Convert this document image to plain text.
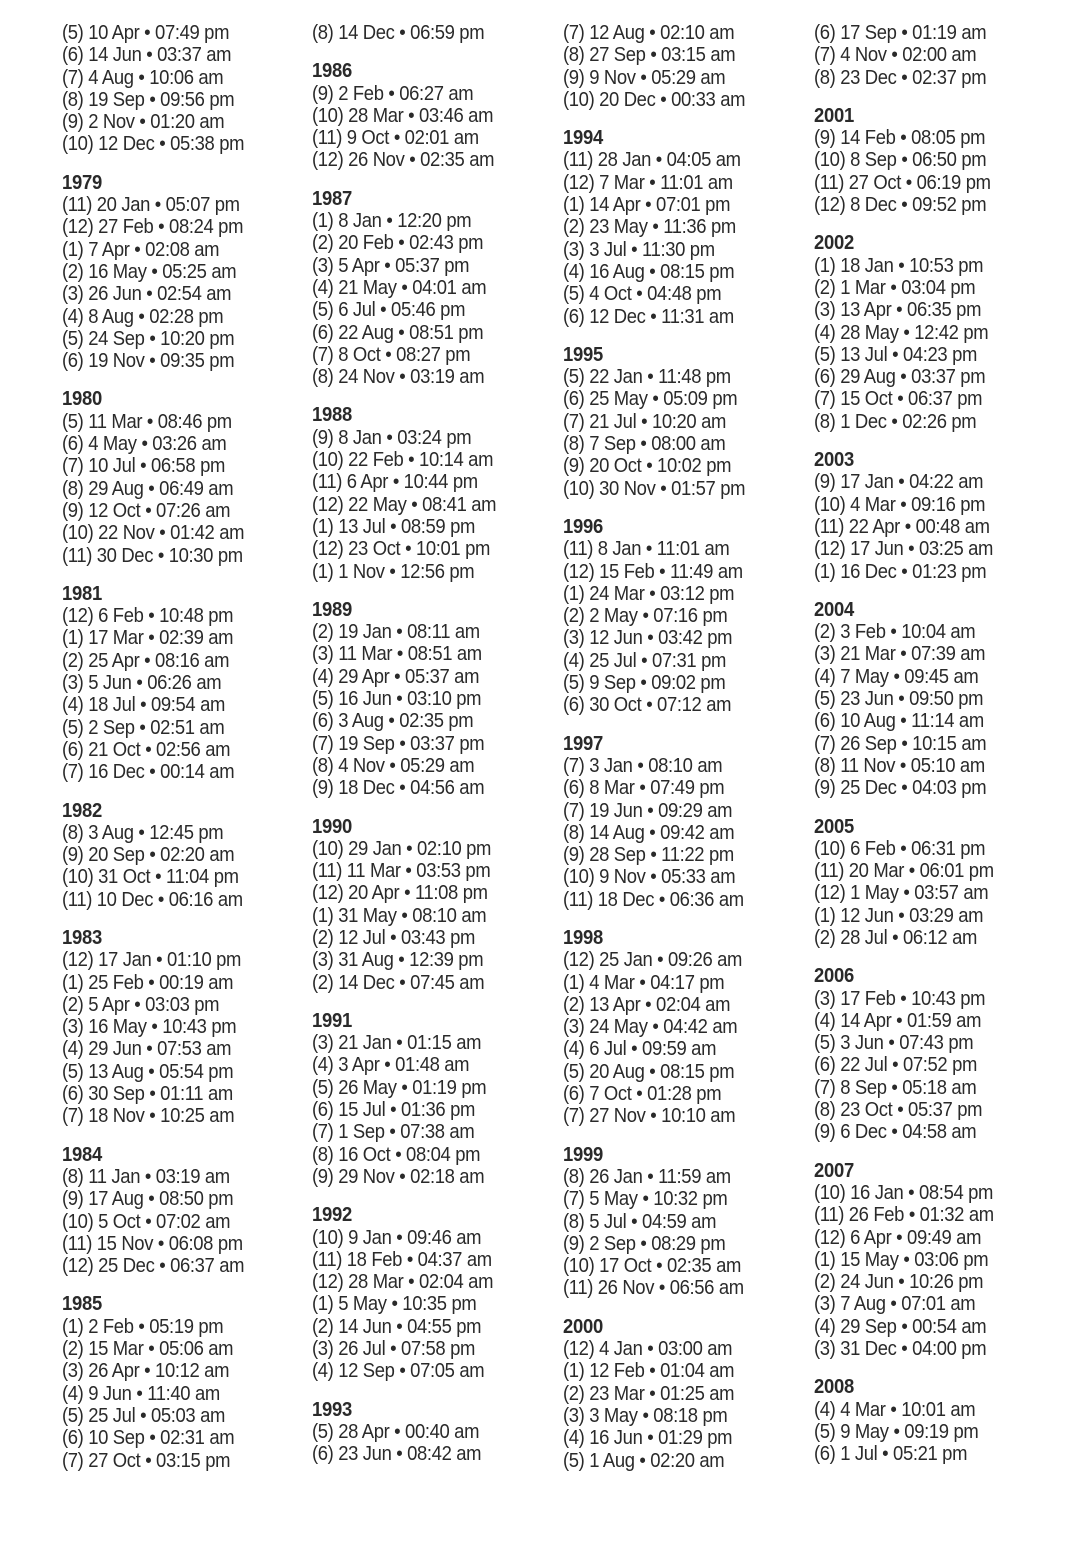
(5) 10 Apr • 07:49 pm
(6) 14 Jun • 03:37 am
(7) 4 Aug • 10:06 am
(8) 19 Sep • 09:56 pm
(9) 2 Nov • 01:20 am
(10) 12 Dec • 05:38 pm
1979
(11) 20 Jan • 05:07 pm
(12) 27 Feb • 08:24 pm
(1) 7 Apr • 02:08 am
(2) 16 May • 05:25 am
(3) 26 Jun • 02:54 am
(4) 8 Aug • 02:28 pm
(5) 24 Sep • 10:20 pm
(6) 19 Nov • 09:35 pm
1980
(5) 11 Mar • 08:46 pm
(6) 4 May • 03:26 am
(7) 10 Jul • 06:58 pm
(8) 29 Aug • 06:49 am
(9) 12 Oct • 07:26 am
(10) 22 Nov • 01:42 am
(11) 30 Dec • 10:30 pm
1981
(12) 6 Feb • 10:48 pm
(1) 17 Mar • 02:39 am
(2) 25 Apr • 08:16 am
(3) 5 Jun • 06:26 am
(4) 18 Jul • 09:54 am
(5) 2 Sep • 02:51 am
(6) 21 Oct • 02:56 am
(7) 16 Dec • 00:14 am
1982
(8) 3 Aug • 12:45 pm
(9) 20 Sep • 02:20 am
(10) 31 Oct • 11:04 pm
(11) 10 Dec • 06:16 am
1983
(12) 17 Jan • 01:10 pm
(1) 25 Feb • 00:19 am
(2) 5 Apr • 03:03 pm
(3) 16 May • 10:43 pm
(4) 29 Jun • 07:53 am
(5) 13 Aug • 05:54 pm
(6) 30 Sep • 01:11 am
(7) 18 Nov • 10:25 am
1984
(8) 11 Jan • 03:19 am
(9) 17 Aug • 08:50 pm
(10) 5 Oct • 07:02 am
(11) 15 Nov • 06:08 pm
(12) 25 Dec • 06:37 am
1985
(1) 2 Feb • 05:19 pm
(2) 15 Mar • 05:06 am
(3) 26 Apr • 10:12 am
(4) 9 Jun • 11:40 am
(5) 25 Jul • 05:03 am
(6) 10 Sep • 02:31 am
(7) 27 Oct • 03:15 pm
(8) 14 Dec • 06:59 pm
1986
(9) 2 Feb • 06:27 am
(10) 28 Mar • 03:46 am
(11) 9 Oct • 02:01 am
(12) 26 Nov • 02:35 am
1987
(1) 8 Jan • 12:20 pm
(2) 20 Feb • 02:43 pm
(3) 5 Apr • 05:37 pm
(4) 21 May • 04:01 am
(5) 6 Jul • 05:46 pm
(6) 22 Aug • 08:51 pm
(7) 8 Oct • 08:27 pm
(8) 24 Nov • 03:19 am
1988
(9) 8 Jan • 03:24 pm
(10) 22 Feb • 10:14 am
(11) 6 Apr • 10:44 pm
(12) 22 May • 08:41 am
(1) 13 Jul • 08:59 pm
(12) 23 Oct • 10:01 pm
(1) 1 Nov • 12:56 pm
1989
(2) 19 Jan • 08:11 am
(3) 11 Mar • 08:51 am
(4) 29 Apr • 05:37 am
(5) 16 Jun • 03:10 pm
(6) 3 Aug • 02:35 pm
(7) 19 Sep • 03:37 pm
(8) 4 Nov • 05:29 am
(9) 18 Dec • 04:56 am
1990
(10) 29 Jan • 02:10 pm
(11) 11 Mar • 03:53 pm
(12) 20 Apr • 11:08 pm
(1) 31 May • 08:10 am
(2) 12 Jul • 03:43 pm
(3) 31 Aug • 12:39 pm
(2) 14 Dec • 07:45 am
1991
(3) 21 Jan • 01:15 am
(4) 3 Apr • 01:48 am
(5) 26 May • 01:19 pm
(6) 15 Jul • 01:36 pm
(7) 1 Sep • 07:38 am
(8) 16 Oct • 08:04 pm
(9) 29 Nov • 02:18 am
1992
(10) 9 Jan • 09:46 am
(11) 18 Feb • 04:37 am
(12) 28 Mar • 02:04 am
(1) 5 May • 10:35 pm
(2) 14 Jun • 04:55 pm
(3) 26 Jul • 07:58 pm
(4) 12 Sep • 07:05 am
1993
(5) 28 Apr • 00:40 am
(6) 23 Jun • 08:42 am
(7) 12 Aug • 02:10 am
(8) 27 Sep • 03:15 am
(9) 9 Nov • 05:29 am
(10) 20 Dec • 00:33 am
1994
(11) 28 Jan • 04:05 am
(12) 7 Mar • 11:01 am
(1) 14 Apr • 07:01 pm
(2) 23 May • 11:36 pm
(3) 3 Jul • 11:30 pm
(4) 16 Aug • 08:15 pm
(5) 4 Oct • 04:48 pm
(6) 12 Dec • 11:31 am
1995
(5) 22 Jan • 11:48 pm
(6) 25 May • 05:09 pm
(7) 21 Jul • 10:20 am
(8) 7 Sep • 08:00 am
(9) 20 Oct • 10:02 pm
(10) 30 Nov • 01:57 pm
1996
(11) 8 Jan • 11:01 am
(12) 15 Feb • 11:49 am
(1) 24 Mar • 03:12 pm
(2) 2 May • 07:16 pm
(3) 12 Jun • 03:42 pm
(4) 25 Jul • 07:31 pm
(5) 9 Sep • 09:02 pm
(6) 30 Oct • 07:12 am
1997
(7) 3 Jan • 08:10 am
(6) 8 Mar • 07:49 pm
(7) 19 Jun • 09:29 am
(8) 14 Aug • 09:42 am
(9) 28 Sep • 11:22 pm
(10) 9 Nov • 05:33 am
(11) 18 Dec • 06:36 am
1998
(12) 25 Jan • 09:26 am
(1) 4 Mar • 04:17 pm
(2) 13 Apr • 02:04 am
(3) 24 May • 04:42 am
(4) 6 Jul • 09:59 am
(5) 20 Aug • 08:15 pm
(6) 7 Oct • 01:28 pm
(7) 27 Nov • 10:10 am
1999
(8) 26 Jan • 11:59 am
(7) 5 May • 10:32 pm
(8) 5 Jul • 04:59 am
(9) 2 Sep • 08:29 pm
(10) 17 Oct • 02:35 am
(11) 26 Nov • 06:56 am
2000
(12) 4 Jan • 03:00 am
(1) 12 Feb • 01:04 am
(2) 23 Mar • 01:25 am
(3) 3 May • 08:18 pm
(4) 16 Jun • 01:29 pm
(5) 1 Aug • 02:20 am
(6) 17 Sep • 01:19 am
(7) 4 Nov • 02:00 am
(8) 23 Dec • 02:37 pm
2001
(9) 14 Feb • 08:05 pm
(10) 8 Sep • 06:50 pm
(11) 27 Oct • 06:19 pm
(12) 8 Dec • 09:52 pm
2002
(1) 18 Jan • 10:53 pm
(2) 1 Mar • 03:04 pm
(3) 13 Apr • 06:35 pm
(4) 28 May • 12:42 pm
(5) 13 Jul • 04:23 pm
(6) 29 Aug • 03:37 pm
(7) 15 Oct • 06:37 pm
(8) 1 Dec • 02:26 pm
2003
(9) 17 Jan • 04:22 am
(10) 4 Mar • 09:16 pm
(11) 22 Apr • 00:48 am
(12) 17 Jun • 03:25 am
(1) 16 Dec • 01:23 pm
2004
(2) 3 Feb • 10:04 am
(3) 21 Mar • 07:39 am
(4) 7 May • 09:45 am
(5) 23 Jun • 09:50 pm
(6) 10 Aug • 11:14 am
(7) 26 Sep • 10:15 am
(8) 11 Nov • 05:10 am
(9) 25 Dec • 04:03 pm
2005
(10) 6 Feb • 06:31 pm
(11) 20 Mar • 06:01 pm
(12) 1 May • 03:57 am
(1) 12 Jun • 03:29 am
(2) 28 Jul • 06:12 am
2006
(3) 17 Feb • 10:43 pm
(4) 14 Apr • 01:59 am
(5) 3 Jun • 07:43 pm
(6) 22 Jul • 07:52 pm
(7) 8 Sep • 05:18 am
(8) 23 Oct • 05:37 pm
(9) 6 Dec • 04:58 am
2007
(10) 16 Jan • 08:54 pm
(11) 26 Feb • 01:32 am
(12) 6 Apr • 09:49 am
(1) 15 May • 03:06 pm
(2) 24 Jun • 10:26 pm
(3) 7 Aug • 07:01 am
(4) 29 Sep • 00:54 am
(3) 31 Dec • 04:00 pm
2008
(4) 4 Mar • 10:01 am
(5) 9 May • 09:19 pm
(6) 1 Jul • 05:21 pm
